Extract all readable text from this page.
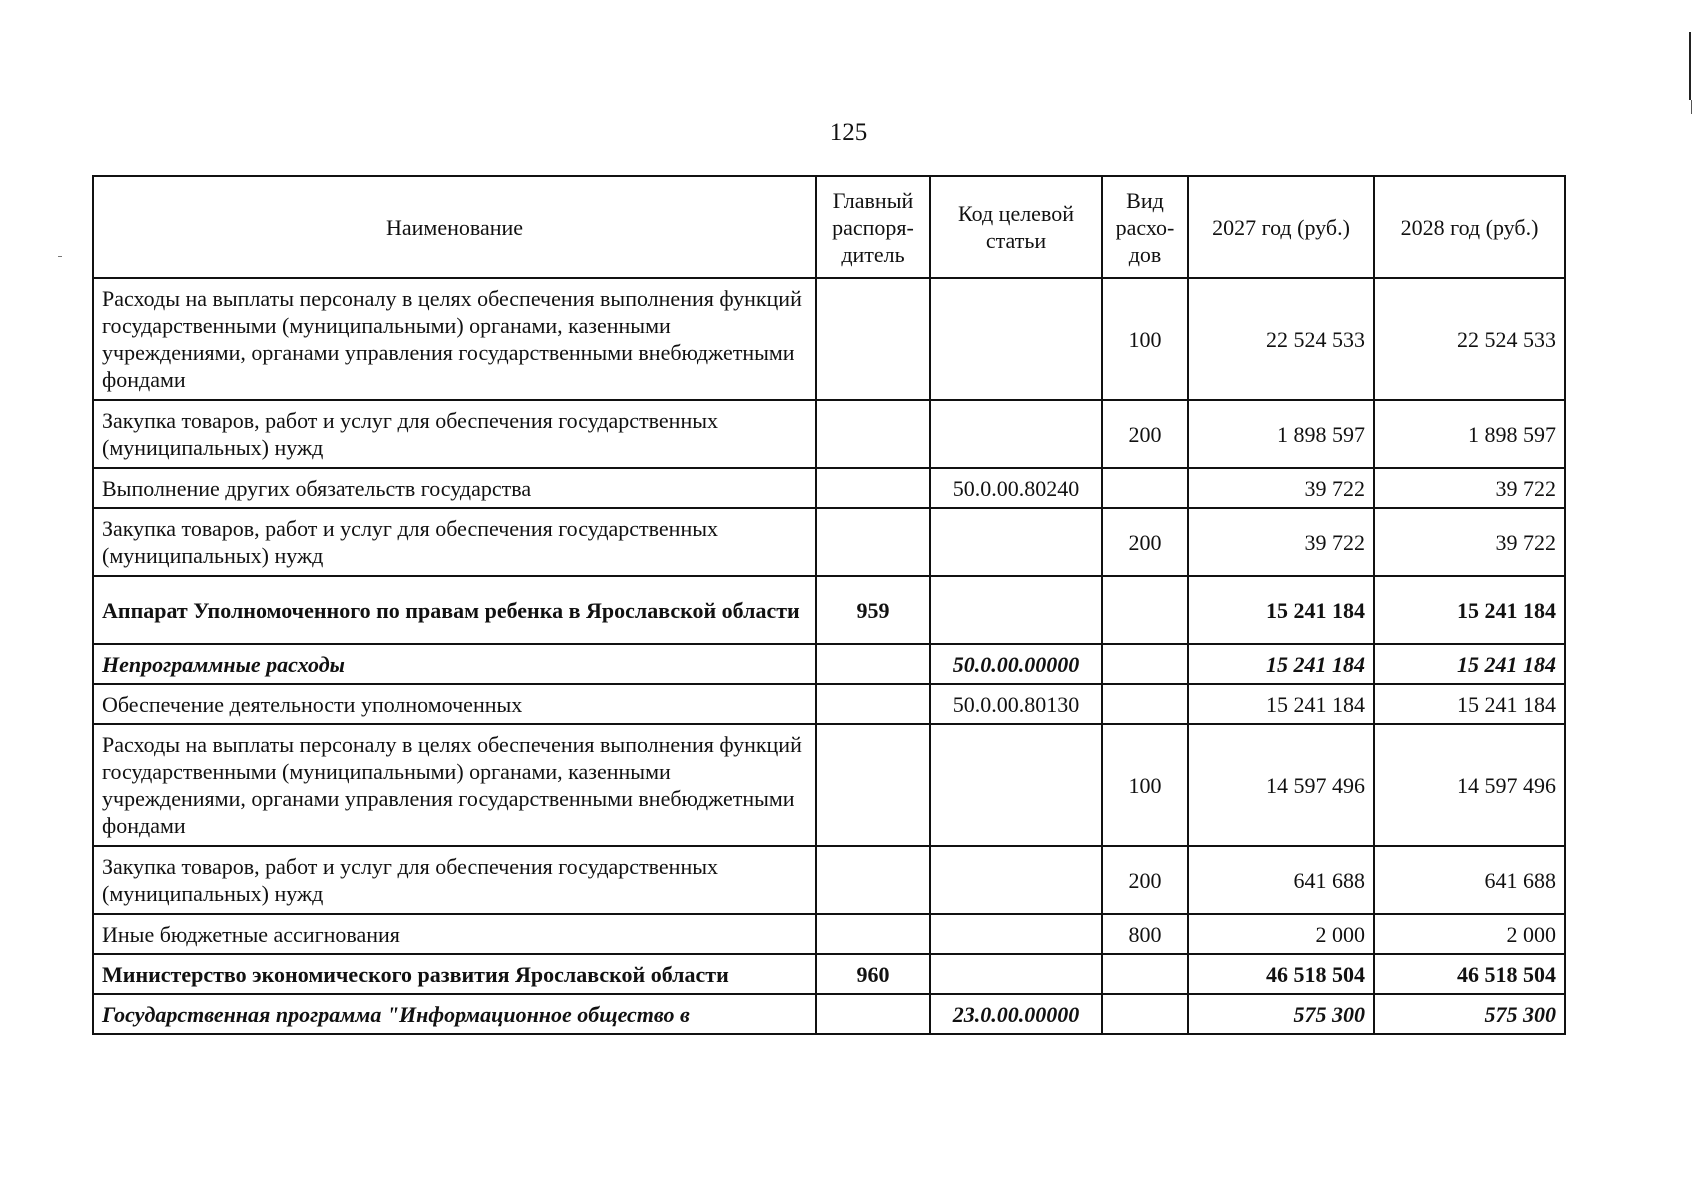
125
Наименование	Главный распоря-дитель	Код целевой статьи	Вид расхо-дов	2027 год (руб.)	2028 год (руб.)
Расходы на выплаты персоналу в целях обеспечения выполнения функций государственными (муниципальными) органами, казенными учреждениями, органами управления государственными внебюджетными фондами			100	22 524 533	22 524 533
Закупка товаров, работ и услуг для обеспечения государственных (муниципальных) нужд			200	1 898 597	1 898 597
Выполнение других обязательств государства		50.0.00.80240		39 722	39 722
Закупка товаров, работ и услуг для обеспечения государственных (муниципальных) нужд			200	39 722	39 722
Аппарат Уполномоченного по правам ребенка в Ярославской области	959			15 241 184	15 241 184
Непрограммные расходы		50.0.00.00000		15 241 184	15 241 184
Обеспечение деятельности уполномоченных		50.0.00.80130		15 241 184	15 241 184
Расходы на выплаты персоналу в целях обеспечения выполнения функций государственными (муниципальными) органами, казенными учреждениями, органами управления государственными внебюджетными фондами			100	14 597 496	14 597 496
Закупка товаров, работ и услуг для обеспечения государственных (муниципальных) нужд			200	641 688	641 688
Иные бюджетные ассигнования			800	2 000	2 000
Министерство экономического развития Ярославской области	960			46 518 504	46 518 504
Государственная программа "Информационное общество в		23.0.00.00000		575 300	575 300
